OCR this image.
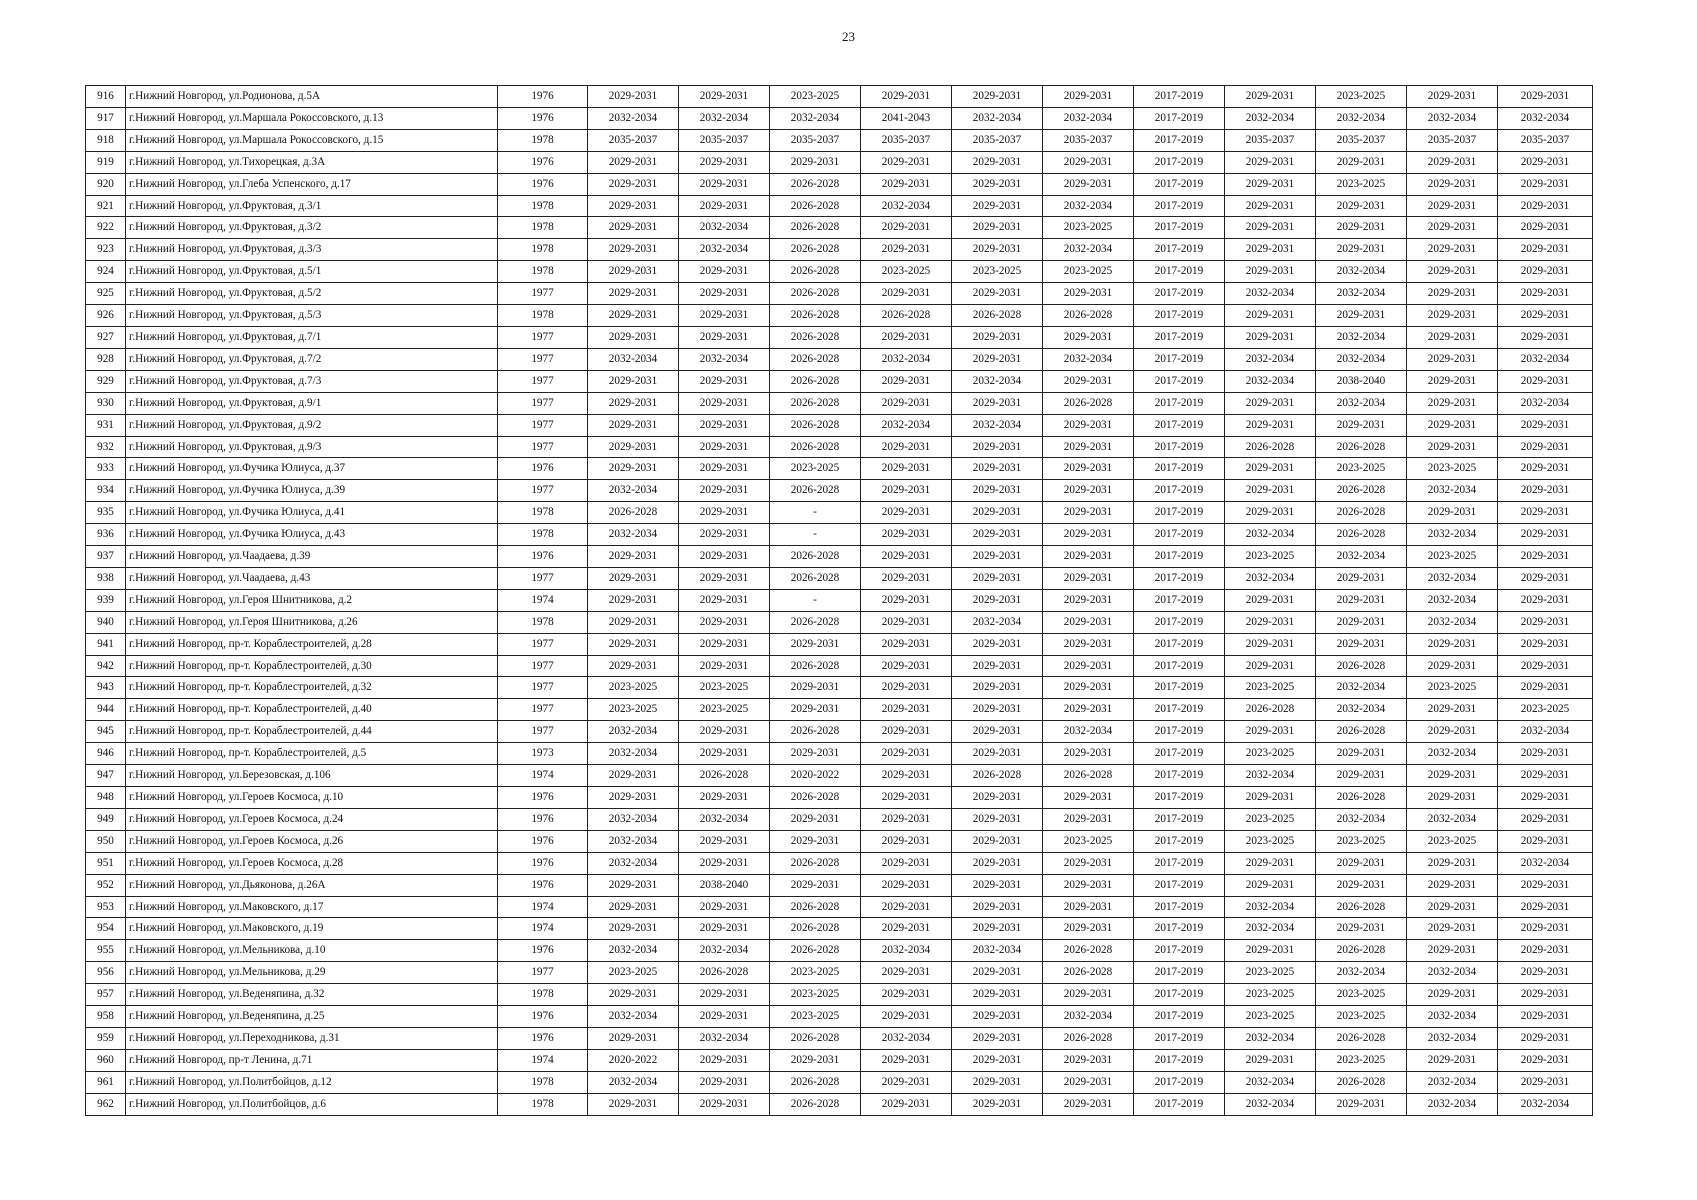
23
916	г.Нижний Новгород, ул.Родионова, д.5А	1976	2029-2031	2029-2031	2023-2025	2029-2031	2029-2031	2029-2031	2017-2019	2029-2031	2023-2025	2029-2031	2029-2031
917	г.Нижний Новгород, ул.Маршала Рокоссовского, д.13	1976	2032-2034	2032-2034	2032-2034	2041-2043	2032-2034	2032-2034	2017-2019	2032-2034	2032-2034	2032-2034	2032-2034
918	г.Нижний Новгород, ул.Маршала Рокоссовского, д.15	1978	2035-2037	2035-2037	2035-2037	2035-2037	2035-2037	2035-2037	2017-2019	2035-2037	2035-2037	2035-2037	2035-2037
919	г.Нижний Новгород, ул.Тихорецкая, д.3А	1976	2029-2031	2029-2031	2029-2031	2029-2031	2029-2031	2029-2031	2017-2019	2029-2031	2029-2031	2029-2031	2029-2031
920	г.Нижний Новгород, ул.Глеба Успенского, д.17	1976	2029-2031	2029-2031	2026-2028	2029-2031	2029-2031	2029-2031	2017-2019	2029-2031	2023-2025	2029-2031	2029-2031
921	г.Нижний Новгород, ул.Фруктовая, д.3/1	1978	2029-2031	2029-2031	2026-2028	2032-2034	2029-2031	2032-2034	2017-2019	2029-2031	2029-2031	2029-2031	2029-2031
922	г.Нижний Новгород, ул.Фруктовая, д.3/2	1978	2029-2031	2032-2034	2026-2028	2029-2031	2029-2031	2023-2025	2017-2019	2029-2031	2029-2031	2029-2031	2029-2031
923	г.Нижний Новгород, ул.Фруктовая, д.3/3	1978	2029-2031	2032-2034	2026-2028	2029-2031	2029-2031	2032-2034	2017-2019	2029-2031	2029-2031	2029-2031	2029-2031
924	г.Нижний Новгород, ул.Фруктовая, д.5/1	1978	2029-2031	2029-2031	2026-2028	2023-2025	2023-2025	2023-2025	2017-2019	2029-2031	2032-2034	2029-2031	2029-2031
925	г.Нижний Новгород, ул.Фруктовая, д.5/2	1977	2029-2031	2029-2031	2026-2028	2029-2031	2029-2031	2029-2031	2017-2019	2032-2034	2032-2034	2029-2031	2029-2031
926	г.Нижний Новгород, ул.Фруктовая, д.5/3	1978	2029-2031	2029-2031	2026-2028	2026-2028	2026-2028	2026-2028	2017-2019	2029-2031	2029-2031	2029-2031	2029-2031
927	г.Нижний Новгород, ул.Фруктовая, д.7/1	1977	2029-2031	2029-2031	2026-2028	2029-2031	2029-2031	2029-2031	2017-2019	2029-2031	2032-2034	2029-2031	2029-2031
928	г.Нижний Новгород, ул.Фруктовая, д.7/2	1977	2032-2034	2032-2034	2026-2028	2032-2034	2029-2031	2032-2034	2017-2019	2032-2034	2032-2034	2029-2031	2032-2034
929	г.Нижний Новгород, ул.Фруктовая, д.7/3	1977	2029-2031	2029-2031	2026-2028	2029-2031	2032-2034	2029-2031	2017-2019	2032-2034	2038-2040	2029-2031	2029-2031
930	г.Нижний Новгород, ул.Фруктовая, д.9/1	1977	2029-2031	2029-2031	2026-2028	2029-2031	2029-2031	2026-2028	2017-2019	2029-2031	2032-2034	2029-2031	2032-2034
931	г.Нижний Новгород, ул.Фруктовая, д.9/2	1977	2029-2031	2029-2031	2026-2028	2032-2034	2032-2034	2029-2031	2017-2019	2029-2031	2029-2031	2029-2031	2029-2031
932	г.Нижний Новгород, ул.Фруктовая, д.9/3	1977	2029-2031	2029-2031	2026-2028	2029-2031	2029-2031	2029-2031	2017-2019	2026-2028	2026-2028	2029-2031	2029-2031
933	г.Нижний Новгород, ул.Фучика Юлиуса, д.37	1976	2029-2031	2029-2031	2023-2025	2029-2031	2029-2031	2029-2031	2017-2019	2029-2031	2023-2025	2023-2025	2029-2031
934	г.Нижний Новгород, ул.Фучика Юлиуса, д.39	1977	2032-2034	2029-2031	2026-2028	2029-2031	2029-2031	2029-2031	2017-2019	2029-2031	2026-2028	2032-2034	2029-2031
935	г.Нижний Новгород, ул.Фучика Юлиуса, д.41	1978	2026-2028	2029-2031	-	2029-2031	2029-2031	2029-2031	2017-2019	2029-2031	2026-2028	2029-2031	2029-2031
936	г.Нижний Новгород, ул.Фучика Юлиуса, д.43	1978	2032-2034	2029-2031	-	2029-2031	2029-2031	2029-2031	2017-2019	2032-2034	2026-2028	2032-2034	2029-2031
937	г.Нижний Новгород, ул.Чаадаева, д.39	1976	2029-2031	2029-2031	2026-2028	2029-2031	2029-2031	2029-2031	2017-2019	2023-2025	2032-2034	2023-2025	2029-2031
938	г.Нижний Новгород, ул.Чаадаева, д.43	1977	2029-2031	2029-2031	2026-2028	2029-2031	2029-2031	2029-2031	2017-2019	2032-2034	2029-2031	2032-2034	2029-2031
939	г.Нижний Новгород, ул.Героя Шнитникова, д.2	1974	2029-2031	2029-2031	-	2029-2031	2029-2031	2029-2031	2017-2019	2029-2031	2029-2031	2032-2034	2029-2031
940	г.Нижний Новгород, ул.Героя Шнитникова, д.26	1978	2029-2031	2029-2031	2026-2028	2029-2031	2032-2034	2029-2031	2017-2019	2029-2031	2029-2031	2032-2034	2029-2031
941	г.Нижний Новгород, пр-т. Кораблестроителей, д.28	1977	2029-2031	2029-2031	2029-2031	2029-2031	2029-2031	2029-2031	2017-2019	2029-2031	2029-2031	2029-2031	2029-2031
942	г.Нижний Новгород, пр-т. Кораблестроителей, д.30	1977	2029-2031	2029-2031	2026-2028	2029-2031	2029-2031	2029-2031	2017-2019	2029-2031	2026-2028	2029-2031	2029-2031
943	г.Нижний Новгород, пр-т. Кораблестроителей, д.32	1977	2023-2025	2023-2025	2029-2031	2029-2031	2029-2031	2029-2031	2017-2019	2023-2025	2032-2034	2023-2025	2029-2031
944	г.Нижний Новгород, пр-т. Кораблестроителей, д.40	1977	2023-2025	2023-2025	2029-2031	2029-2031	2029-2031	2029-2031	2017-2019	2026-2028	2032-2034	2029-2031	2023-2025
945	г.Нижний Новгород, пр-т. Кораблестроителей, д.44	1977	2032-2034	2029-2031	2026-2028	2029-2031	2029-2031	2032-2034	2017-2019	2029-2031	2026-2028	2029-2031	2032-2034
946	г.Нижний Новгород, пр-т. Кораблестроителей, д.5	1973	2032-2034	2029-2031	2029-2031	2029-2031	2029-2031	2029-2031	2017-2019	2023-2025	2029-2031	2032-2034	2029-2031
947	г.Нижний Новгород, ул.Березовская, д.106	1974	2029-2031	2026-2028	2020-2022	2029-2031	2026-2028	2026-2028	2017-2019	2032-2034	2029-2031	2029-2031	2029-2031
948	г.Нижний Новгород, ул.Героев Космоса, д.10	1976	2029-2031	2029-2031	2026-2028	2029-2031	2029-2031	2029-2031	2017-2019	2029-2031	2026-2028	2029-2031	2029-2031
949	г.Нижний Новгород, ул.Героев Космоса, д.24	1976	2032-2034	2032-2034	2029-2031	2029-2031	2029-2031	2029-2031	2017-2019	2023-2025	2032-2034	2032-2034	2029-2031
950	г.Нижний Новгород, ул.Героев Космоса, д.26	1976	2032-2034	2029-2031	2029-2031	2029-2031	2029-2031	2023-2025	2017-2019	2023-2025	2023-2025	2023-2025	2029-2031
951	г.Нижний Новгород, ул.Героев Космоса, д.28	1976	2032-2034	2029-2031	2026-2028	2029-2031	2029-2031	2029-2031	2017-2019	2029-2031	2029-2031	2029-2031	2032-2034
952	г.Нижний Новгород, ул.Дьяконова, д.26А	1976	2029-2031	2038-2040	2029-2031	2029-2031	2029-2031	2029-2031	2017-2019	2029-2031	2029-2031	2029-2031	2029-2031
953	г.Нижний Новгород, ул.Маковского, д.17	1974	2029-2031	2029-2031	2026-2028	2029-2031	2029-2031	2029-2031	2017-2019	2032-2034	2026-2028	2029-2031	2029-2031
954	г.Нижний Новгород, ул.Маковского, д.19	1974	2029-2031	2029-2031	2026-2028	2029-2031	2029-2031	2029-2031	2017-2019	2032-2034	2029-2031	2029-2031	2029-2031
955	г.Нижний Новгород, ул.Мельникова, д.10	1976	2032-2034	2032-2034	2026-2028	2032-2034	2032-2034	2026-2028	2017-2019	2029-2031	2026-2028	2029-2031	2029-2031
956	г.Нижний Новгород, ул.Мельникова, д.29	1977	2023-2025	2026-2028	2023-2025	2029-2031	2029-2031	2026-2028	2017-2019	2023-2025	2032-2034	2032-2034	2029-2031
957	г.Нижний Новгород, ул.Веденяпина, д.32	1978	2029-2031	2029-2031	2023-2025	2029-2031	2029-2031	2029-2031	2017-2019	2023-2025	2023-2025	2029-2031	2029-2031
958	г.Нижний Новгород, ул.Веденяпина, д.25	1976	2032-2034	2029-2031	2023-2025	2029-2031	2029-2031	2032-2034	2017-2019	2023-2025	2023-2025	2032-2034	2029-2031
959	г.Нижний Новгород, ул.Переходникова, д.31	1976	2029-2031	2032-2034	2026-2028	2032-2034	2029-2031	2026-2028	2017-2019	2032-2034	2026-2028	2032-2034	2029-2031
960	г.Нижний Новгород, пр-т Ленина, д.71	1974	2020-2022	2029-2031	2029-2031	2029-2031	2029-2031	2029-2031	2017-2019	2029-2031	2023-2025	2029-2031	2029-2031
961	г.Нижний Новгород, ул.Политбойцов, д.12	1978	2032-2034	2029-2031	2026-2028	2029-2031	2029-2031	2029-2031	2017-2019	2032-2034	2026-2028	2032-2034	2029-2031
962	г.Нижний Новгород, ул.Политбойцов, д.6	1978	2029-2031	2029-2031	2026-2028	2029-2031	2029-2031	2029-2031	2017-2019	2032-2034	2029-2031	2032-2034	2032-2034
